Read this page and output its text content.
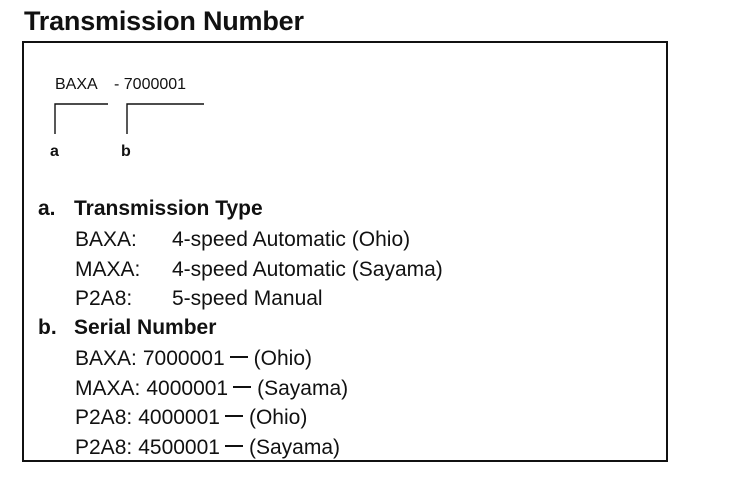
Transmission Number
BAXA - 7000001
a	b
a. Transmission Type
BAXA: 4-speed Automatic (Ohio)
MAXA: 4-speed Automatic (Sayama)
P2A8: 5-speed Manual
b. Serial Number
BAXA: 7000001 (Ohio)
MAXA: 4000001 (Sayama)
P2A8: 4000001 (Ohio)
P2A8: 4500001 (Sayama)
